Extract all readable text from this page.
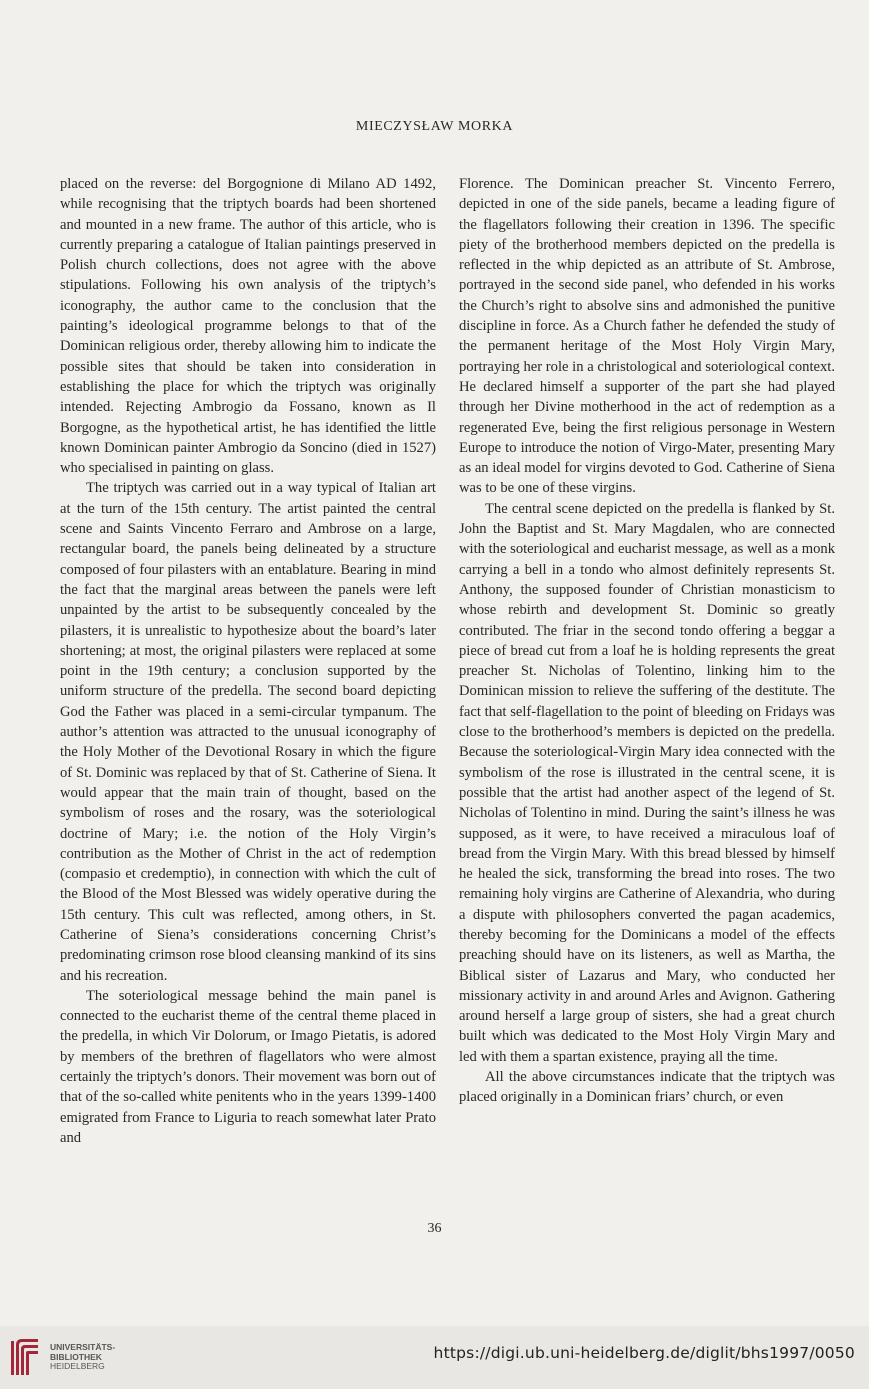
MIECZYSŁAW MORKA

placed on the reverse: del Borgognione di Milano AD 1492, while recognising that the triptych boards had been shortened and mounted in a new frame. The author of this article, who is currently preparing a catalogue of Italian paintings preserved in Polish church collections, does not agree with the above stipulations. Following his own analysis of the triptych’s iconography, the author came to the conclusion that the painting’s ideological programme belongs to that of the Dominican religious order, thereby allowing him to indicate the possible sites that should be taken into consideration in establishing the place for which the triptych was originally intended. Rejecting Ambrogio da Fossano, known as Il Borgogne, as the hypothetical artist, he has identified the little known Dominican painter Ambrogio da Soncino (died in 1527) who specialised in painting on glass.

The triptych was carried out in a way typical of Italian art at the turn of the 15th century. The artist painted the central scene and Saints Vincento Ferraro and Ambrose on a large, rectangular board, the panels being delineated by a structure composed of four pilasters with an entablature. Bearing in mind the fact that the marginal areas between the panels were left unpainted by the artist to be subsequently concealed by the pilasters, it is unrealistic to hypothesize about the board’s later shortening; at most, the original pilasters were replaced at some point in the 19th century; a conclusion supported by the uniform structure of the predella. The second board depicting God the Father was placed in a semi-circular tympanum. The author’s attention was attracted to the unusual iconography of the Holy Mother of the Devotional Rosary in which the figure of St. Dominic was replaced by that of St. Catherine of Siena. It would appear that the main train of thought, based on the symbolism of roses and the rosary, was the soteriological doctrine of Mary; i.e. the notion of the Holy Virgin’s contribution as the Mother of Christ in the act of redemption (compasio et credemptio), in connection with which the cult of the Blood of the Most Blessed was widely operative during the 15th century. This cult was reflected, among others, in St. Catherine of Siena’s considerations concerning Christ’s predominating crimson rose blood cleansing mankind of its sins and his recreation.

The soteriological message behind the main panel is connected to the eucharist theme of the central theme placed in the predella, in which Vir Dolorum, or Imago Pietatis, is adored by members of the brethren of flagellators who were almost certainly the triptych’s donors. Their movement was born out of that of the so-called white penitents who in the years 1399-1400 emigrated from France to Liguria to reach somewhat later Prato and

Florence. The Dominican preacher St. Vincento Ferrero, depicted in one of the side panels, became a leading figure of the flagellators following their creation in 1396. The specific piety of the brotherhood members depicted on the predella is reflected in the whip depicted as an attribute of St. Ambrose, portrayed in the second side panel, who defended in his works the Church’s right to absolve sins and admonished the punitive discipline in force. As a Church father he defended the study of the permanent heritage of the Most Holy Virgin Mary, portraying her role in a christological and soteriological context. He declared himself a supporter of the part she had played through her Divine motherhood in the act of redemption as a regenerated Eve, being the first religious personage in Western Europe to introduce the notion of Virgo-Mater, presenting Mary as an ideal model for virgins devoted to God. Catherine of Siena was to be one of these virgins.

The central scene depicted on the predella is flanked by St. John the Baptist and St. Mary Magdalen, who are connected with the soteriological and eucharist message, as well as a monk carrying a bell in a tondo who almost definitely represents St. Anthony, the supposed founder of Christian monasticism to whose rebirth and development St. Dominic so greatly contributed. The friar in the second tondo offering a beggar a piece of bread cut from a loaf he is holding represents the great preacher St. Nicholas of Tolentino, linking him to the Dominican mission to relieve the suffering of the destitute. The fact that self-flagellation to the point of bleeding on Fridays was close to the brotherhood’s members is depicted on the predella. Because the soteriological-Virgin Mary idea connected with the symbolism of the rose is illustrated in the central scene, it is possible that the artist had another aspect of the legend of St. Nicholas of Tolentino in mind. During the saint’s illness he was supposed, as it were, to have received a miraculous loaf of bread from the Virgin Mary. With this bread blessed by himself he healed the sick, transforming the bread into roses. The two remaining holy virgins are Catherine of Alexandria, who during a dispute with philosophers converted the pagan academics, thereby becoming for the Dominicans a model of the effects preaching should have on its listeners, as well as Martha, the Biblical sister of Lazarus and Mary, who conducted her missionary activity in and around Arles and Avignon. Gathering around herself a large group of sisters, she had a great church built which was dedicated to the Most Holy Virgin Mary and led with them a spartan existence, praying all the time.

All the above circumstances indicate that the triptych was placed originally in a Dominican friars’ church, or even

36
UNIVERSITÄTS-
BIBLIOTHEK
HEIDELBERG
https://digi.ub.uni-heidelberg.de/diglit/bhs1997/0050
